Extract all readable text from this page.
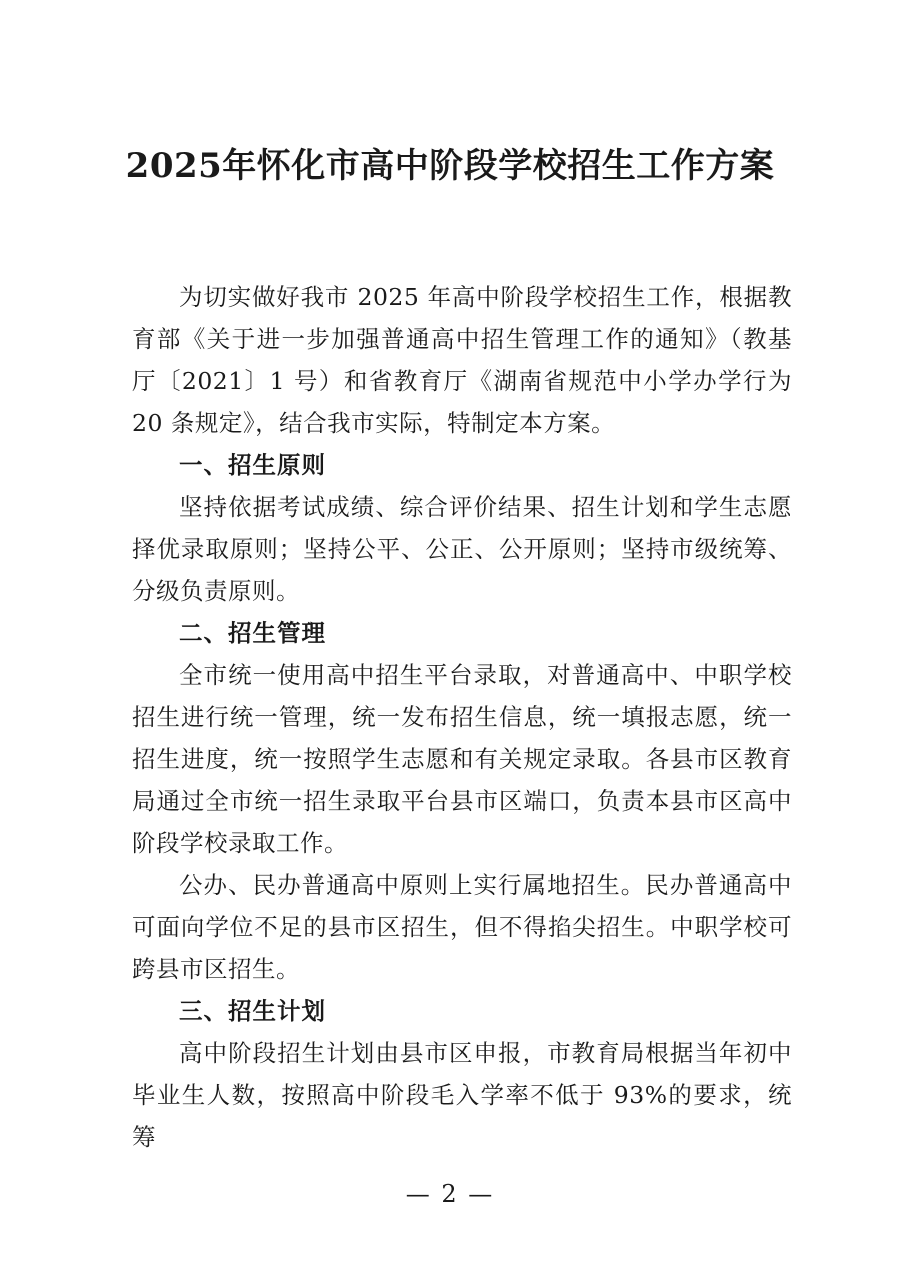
2025年怀化市高中阶段学校招生工作方案

为切实做好我市 2025 年高中阶段学校招生工作，根据教育部《关于进一步加强普通高中招生管理工作的通知》（教基厅〔2021〕1 号）和省教育厅《湖南省规范中小学办学行为 20 条规定》，结合我市实际，特制定本方案。

一、招生原则

坚持依据考试成绩、综合评价结果、招生计划和学生志愿择优录取原则；坚持公平、公正、公开原则；坚持市级统筹、分级负责原则。

二、招生管理

全市统一使用高中招生平台录取，对普通高中、中职学校招生进行统一管理，统一发布招生信息，统一填报志愿，统一招生进度，统一按照学生志愿和有关规定录取。各县市区教育局通过全市统一招生录取平台县市区端口，负责本县市区高中阶段学校录取工作。

公办、民办普通高中原则上实行属地招生。民办普通高中可面向学位不足的县市区招生，但不得掐尖招生。中职学校可跨县市区招生。

三、招生计划

高中阶段招生计划由县市区申报，市教育局根据当年初中毕业生人数，按照高中阶段毛入学率不低于 93%的要求，统筹

— 2 —
